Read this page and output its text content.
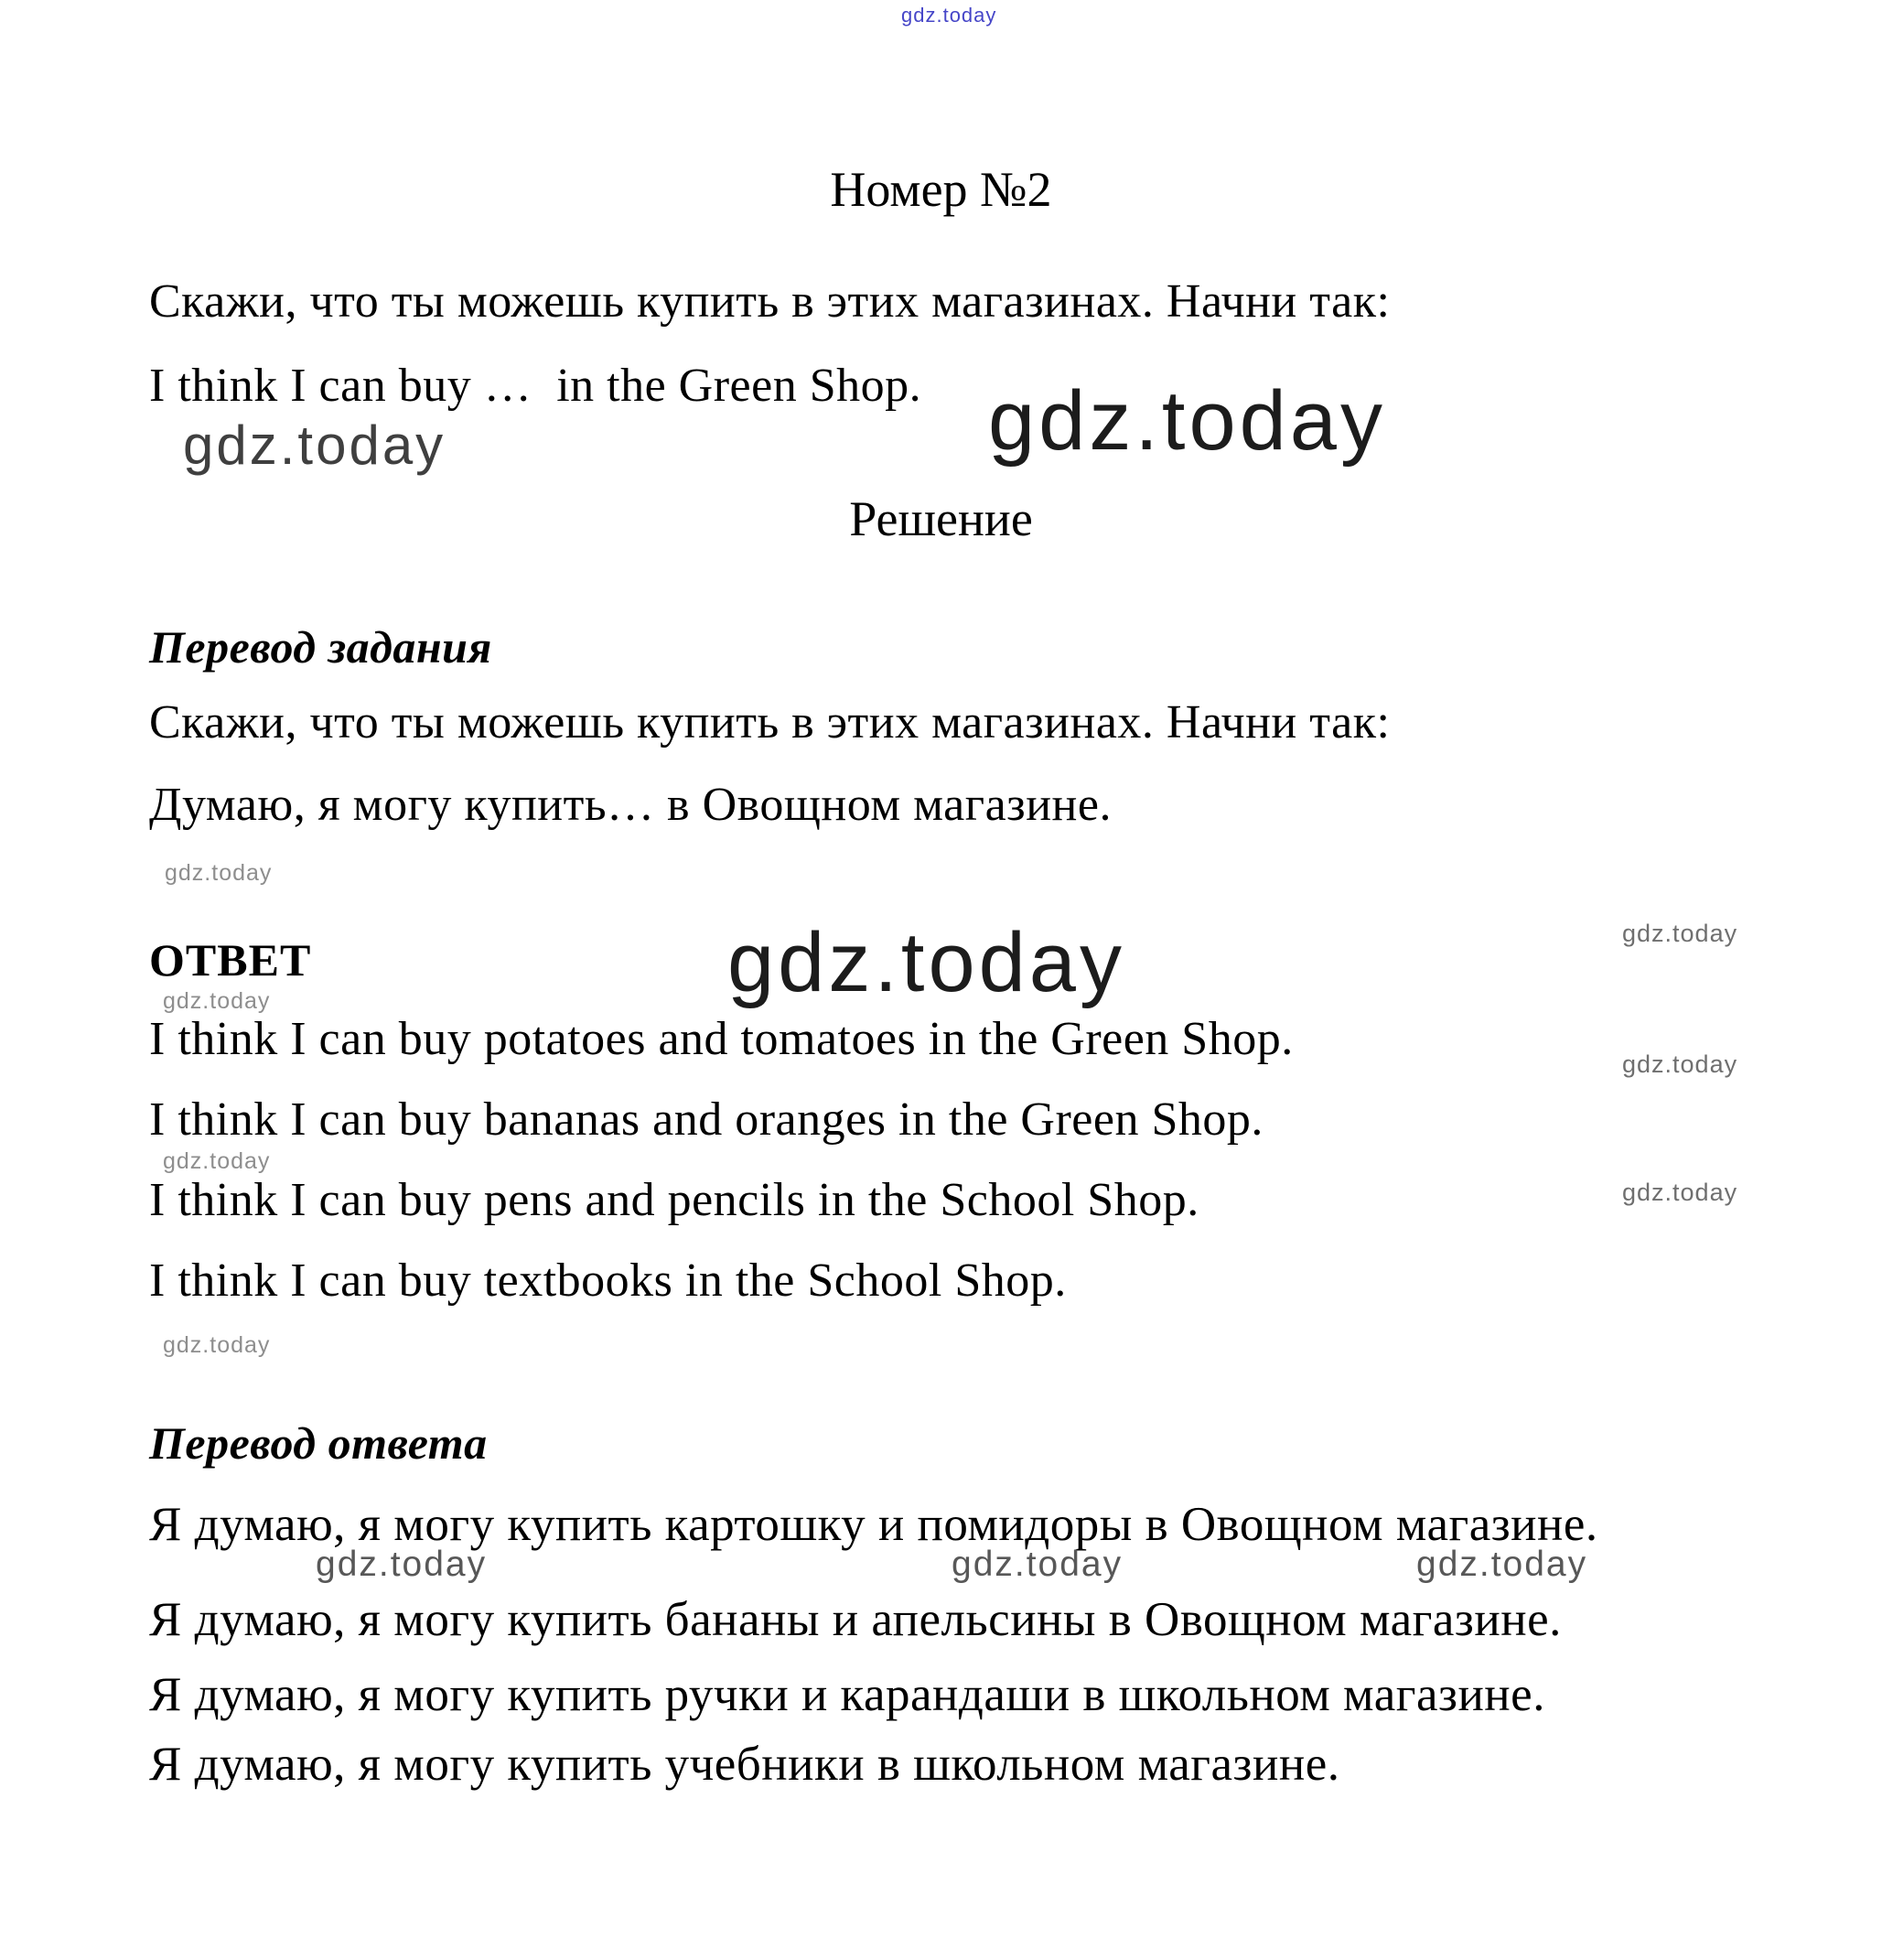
gdz.today
Номер №2
Скажи, что ты можешь купить в этих магазинах. Начни так:
I think I can buy …  in the Green Shop.
gdz.today	gdz.today
Решение
Перевод задания
Скажи, что ты можешь купить в этих магазинах. Начни так:
Думаю, я могу купить… в Овощном магазине.
gdz.today
ОТВЕТ	gdz.today
gdz.today
gdz.today
I think I can buy potatoes and tomatoes in the Green Shop.	gdz.today
I think I can buy bananas and oranges in the Green Shop.
gdz.today
I think I can buy pens and pencils in the School Shop.	gdz.today
I think I can buy textbooks in the School Shop.
gdz.today
Перевод ответа
Я думаю, я могу купить картошку и помидоры в Овощном магазине.
gdz.today	gdz.today	gdz.today
Я думаю, я могу купить бананы и апельсины в Овощном магазине.
Я думаю, я могу купить ручки и карандаши в школьном магазине.
Я думаю, я могу купить учебники в школьном магазине.
